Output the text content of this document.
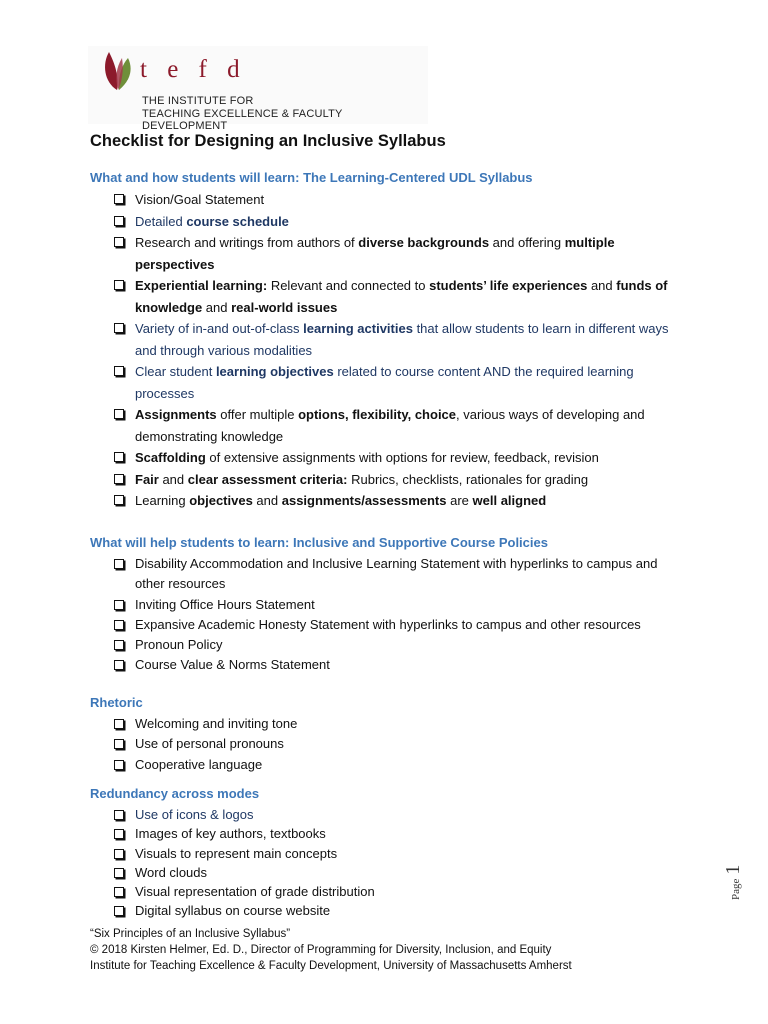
t e f d
THE INSTITUTE FOR
TEACHING EXCELLENCE & FACULTY DEVELOPMENT
Checklist for Designing an Inclusive Syllabus
What and how students will learn: The Learning-Centered UDL Syllabus
Vision/Goal Statement
Detailed course schedule
Research and writings from authors of diverse backgrounds and offering multiple perspectives
Experiential learning: Relevant and connected to students’ life experiences and funds of knowledge and real-world issues
Variety of in-and out-of-class learning activities that allow students to learn in different ways and through various modalities
Clear student learning objectives related to course content AND the required learning processes
Assignments offer multiple options, flexibility, choice, various ways of developing and demonstrating knowledge
Scaffolding of extensive assignments with options for review, feedback, revision
Fair and clear assessment criteria: Rubrics, checklists, rationales for grading
Learning objectives and assignments/assessments are well aligned
What will help students to learn: Inclusive and Supportive Course Policies
Disability Accommodation and Inclusive Learning Statement with hyperlinks to campus and other resources
Inviting Office Hours Statement
Expansive Academic Honesty Statement with hyperlinks to campus and other resources
Pronoun Policy
Course Value & Norms Statement
Rhetoric
Welcoming and inviting tone
Use of personal pronouns
Cooperative language
Redundancy across modes
Use of icons & logos
Images of key authors, textbooks
Visuals to represent main concepts
Word clouds
Visual representation of grade distribution
Digital syllabus on course website
“Six Principles of an Inclusive Syllabus”
© 2018 Kirsten Helmer, Ed. D., Director of Programming for Diversity, Inclusion, and Equity
Institute for Teaching Excellence & Faculty Development, University of Massachusetts Amherst
Page 1
